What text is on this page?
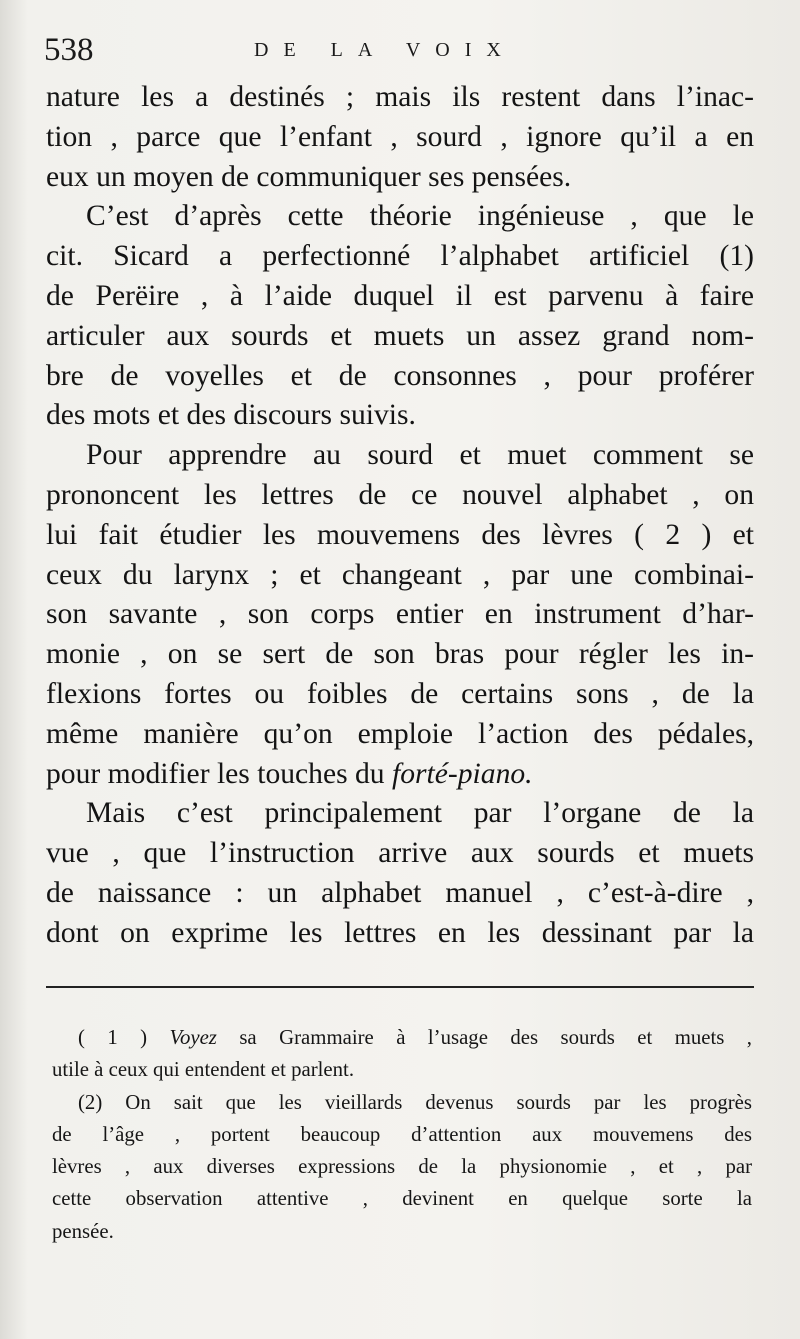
538	DE LA VOIX
nature les a destinés ; mais ils restent dans l’inac-
tion , parce que l’enfant , sourd , ignore qu’il a en
eux un moyen de communiquer ses pensées.
C’est d’après cette théorie ingénieuse , que le
cit. Sicard a perfectionné l’alphabet artificiel (1)
de Perëire , à l’aide duquel il est parvenu à faire
articuler aux sourds et muets un assez grand nom-
bre de voyelles et de consonnes , pour proférer
des mots et des discours suivis.
Pour apprendre au sourd et muet comment se
prononcent les lettres de ce nouvel alphabet , on
lui fait étudier les mouvemens des lèvres ( 2 ) et
ceux du larynx ; et changeant , par une combinai-
son savante , son corps entier en instrument d’har-
monie , on se sert de son bras pour régler les in-
flexions fortes ou foibles de certains sons , de la
même manière qu’on emploie l’action des pédales,
pour modifier les touches du forté-piano.
Mais c’est principalement par l’organe de la
vue , que l’instruction arrive aux sourds et muets
de naissance : un alphabet manuel , c’est-à-dire ,
dont on exprime les lettres en les dessinant par la
( 1 ) Voyez sa Grammaire à l’usage des sourds et muets ,
utile à ceux qui entendent et parlent.
(2) On sait que les vieillards devenus sourds par les progrès
de l’âge , portent beaucoup d’attention aux mouvemens des
lèvres , aux diverses expressions de la physionomie , et , par
cette observation attentive , devinent en quelque sorte la
pensée.
